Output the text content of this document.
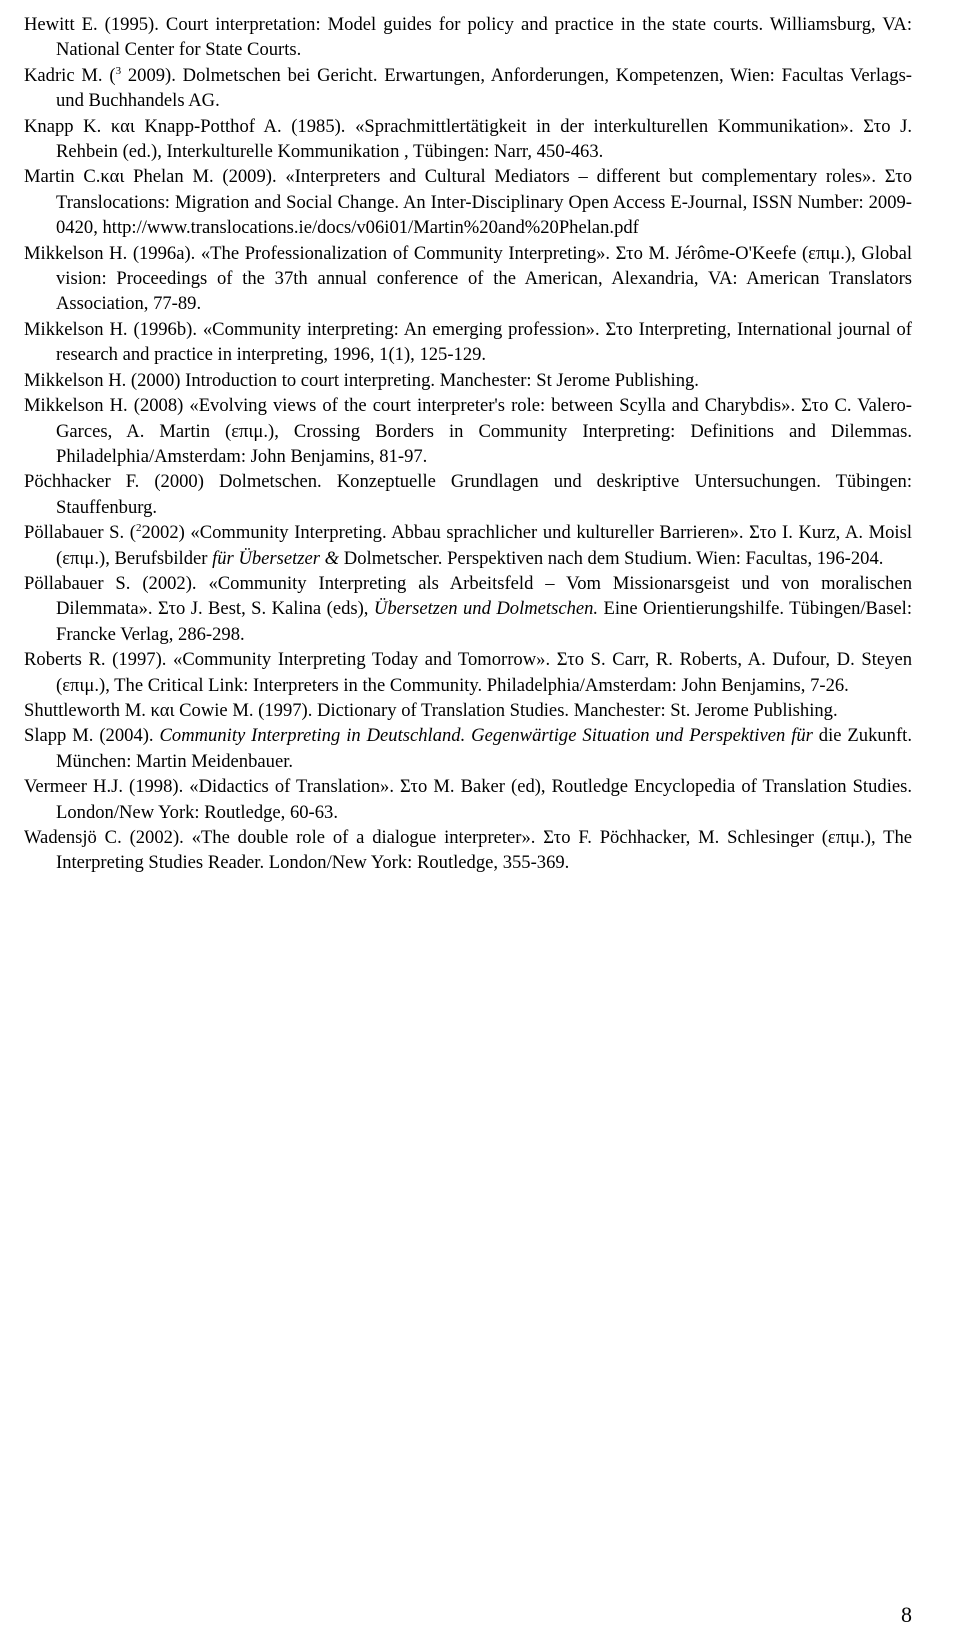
Hewitt E. (1995). Court interpretation: Model guides for policy and practice in the state courts. Williamsburg, VA: National Center for State Courts.
Kadric M. ($^3$ 2009). Dolmetschen bei Gericht. Erwartungen, Anforderungen, Kompetenzen, Wien: Facultas Verlags- und Buchhandels AG.
Knapp K. και Knapp-Potthof A. (1985). «Sprachmittlertätigkeit in der interkulturellen Kommunikation». Στο J. Rehbein (ed.), Interkulturelle Kommunikation , Tübingen: Narr, 450-463.
Martin C.και Phelan M. (2009). «Interpreters and Cultural Mediators – different but complementary roles». Στο Translocations: Migration and Social Change. An Inter-Disciplinary Open Access E-Journal, ISSN Number: 2009-0420, http://www.translocations.ie/docs/v06i01/Martin%20and%20Phelan.pdf
Mikkelson H. (1996a). «The Professionalization of Community Interpreting». Στο M. Jérôme-O'Keefe (επιμ.), Global vision: Proceedings of the 37th annual conference of the American, Alexandria, VA: American Translators Association, 77-89.
Mikkelson H. (1996b). «Community interpreting: An emerging profession». Στο Interpreting, International journal of research and practice in interpreting, 1996, 1(1), 125-129.
Mikkelson H. (2000) Introduction to court interpreting. Manchester: St Jerome Publishing.
Mikkelson H. (2008) «Evolving views of the court interpreter's role: between Scylla and Charybdis». Στο C. Valero-Garces, A. Martin (επιμ.), Crossing Borders in Community Interpreting: Definitions and Dilemmas. Philadelphia/Amsterdam: John Benjamins, 81-97.
Pöchhacker F. (2000) Dolmetschen. Konzeptuelle Grundlagen und deskriptive Untersuchungen. Tübingen: Stauffenburg.
Pöllabauer S. ($^2$2002) «Community Interpreting. Abbau sprachlicher und kultureller Barrieren». Στο I. Kurz, A. Moisl (επιμ.), Berufsbilder für Übersetzer & Dolmetscher. Perspektiven nach dem Studium. Wien: Facultas, 196-204.
Pöllabauer S. (2002). «Community Interpreting als Arbeitsfeld – Vom Missionarsgeist und von moralischen Dilemmata». Στο J. Best, S. Kalina (eds), Übersetzen und Dolmetschen. Eine Orientierungshilfe. Tübingen/Basel: Francke Verlag, 286-298.
Roberts R. (1997). «Community Interpreting Today and Tomorrow». Στο S. Carr, R. Roberts, A. Dufour, D. Steyen (επιμ.), The Critical Link: Interpreters in the Community. Philadelphia/Amsterdam: John Benjamins, 7-26.
Shuttleworth M. και Cowie M. (1997). Dictionary of Translation Studies. Manchester: St. Jerome Publishing.
Slapp M. (2004). Community Interpreting in Deutschland. Gegenwärtige Situation und Perspektiven für die Zukunft. München: Martin Meidenbauer.
Vermeer H.J. (1998). «Didactics of Translation». Στο M. Baker (ed), Routledge Encyclopedia of Translation Studies. London/New York: Routledge, 60-63.
Wadensjö C. (2002). «The double role of a dialogue interpreter». Στο F. Pöchhacker, M. Schlesinger (επιμ.), The Interpreting Studies Reader. London/New York: Routledge, 355-369.
8
